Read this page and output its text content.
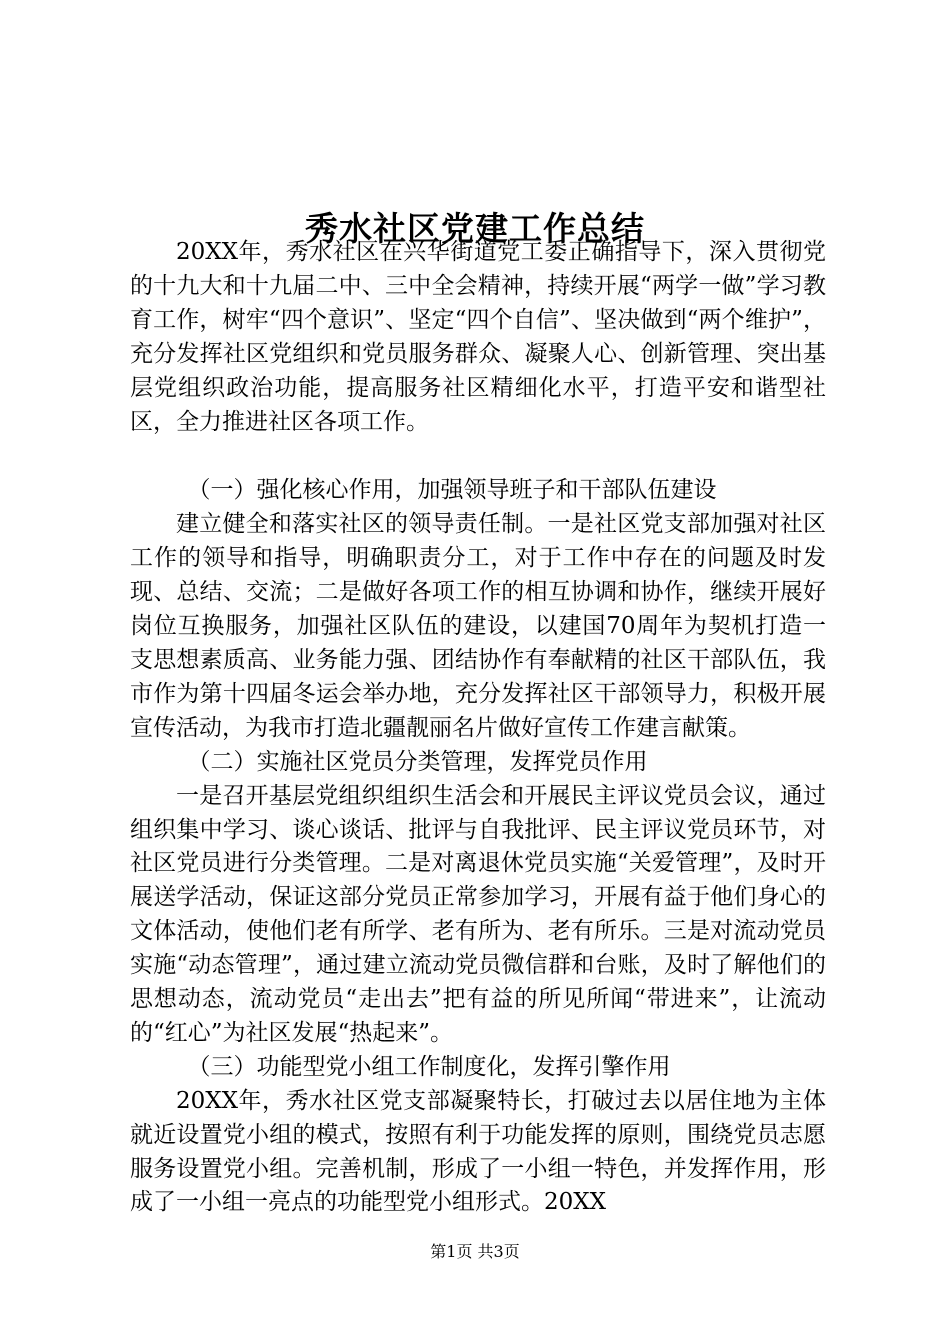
秀水社区党建工作总结

20XX年，秀水社区在兴华街道党工委正确指导下，深入贯彻党的十九大和十九届二中、三中全会精神，持续开展“两学一做”学习教育工作，树牢“四个意识”、坚定“四个自信”、坚决做到“两个维护”，充分发挥社区党组织和党员服务群众、凝聚人心、创新管理、突出基层党组织政治功能，提高服务社区精细化水平，打造平安和谐型社区，全力推进社区各项工作。

（一）强化核心作用，加强领导班子和干部队伍建设

建立健全和落实社区的领导责任制。一是社区党支部加强对社区工作的领导和指导，明确职责分工，对于工作中存在的问题及时发现、总结、交流；二是做好各项工作的相互协调和协作，继续开展好岗位互换服务，加强社区队伍的建设，以建国70周年为契机打造一支思想素质高、业务能力强、团结协作有奉献精的社区干部队伍，我市作为第十四届冬运会举办地，充分发挥社区干部领导力，积极开展宣传活动，为我市打造北疆靓丽名片做好宣传工作建言献策。

（二）实施社区党员分类管理，发挥党员作用

一是召开基层党组织组织生活会和开展民主评议党员会议，通过组织集中学习、谈心谈话、批评与自我批评、民主评议党员环节，对社区党员进行分类管理。二是对离退休党员实施“关爱管理”，及时开展送学活动，保证这部分党员正常参加学习，开展有益于他们身心的文体活动，使他们老有所学、老有所为、老有所乐。三是对流动党员实施“动态管理”，通过建立流动党员微信群和台账，及时了解他们的思想动态，流动党员“走出去”把有益的所见所闻“带进来”，让流动的“红心”为社区发展“热起来”。

（三）功能型党小组工作制度化，发挥引擎作用

20XX年，秀水社区党支部凝聚特长，打破过去以居住地为主体就近设置党小组的模式，按照有利于功能发挥的原则，围绕党员志愿服务设置党小组。完善机制，形成了一小组一特色，并发挥作用，形成了一小组一亮点的功能型党小组形式。20XX

第1页 共3页
